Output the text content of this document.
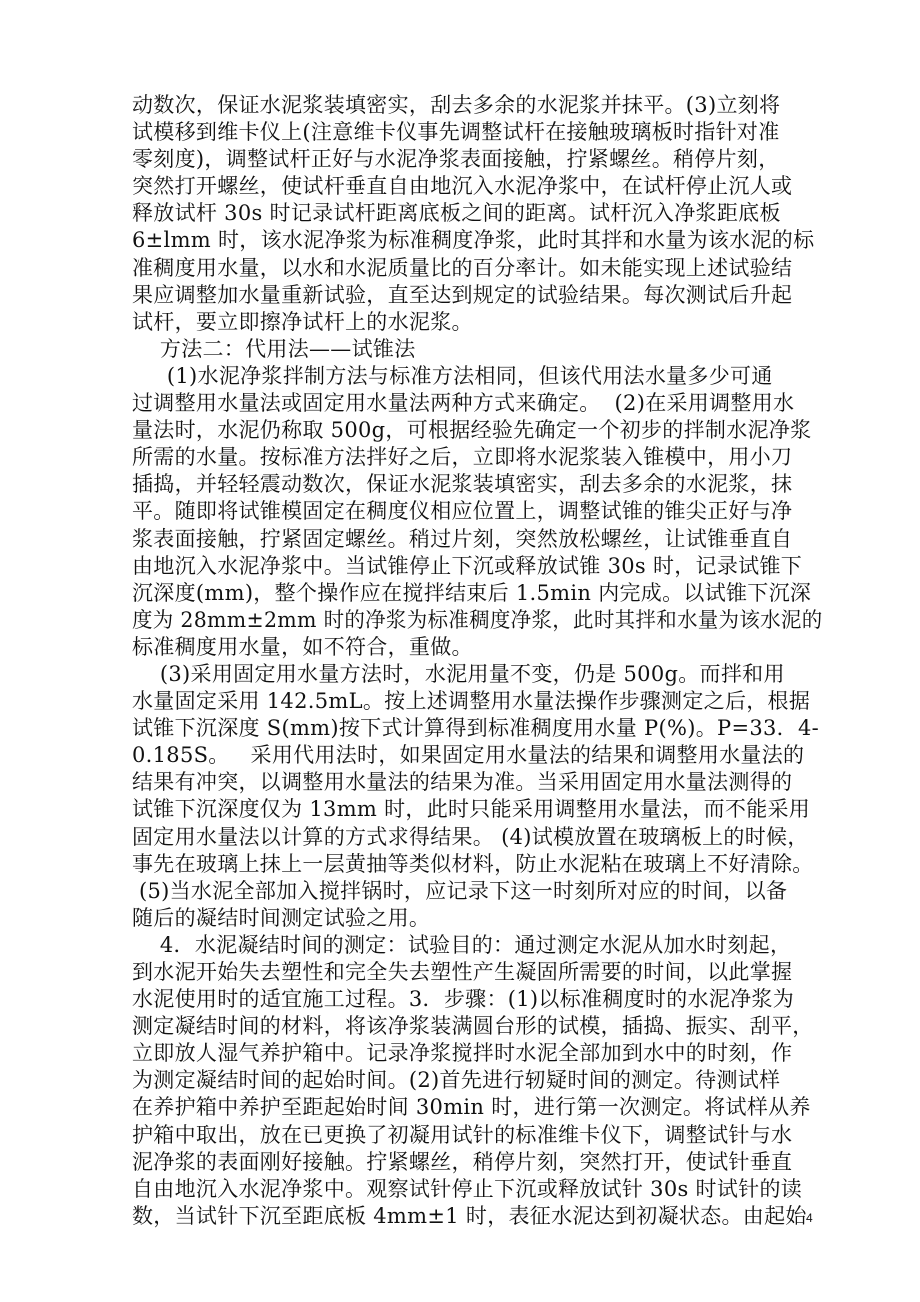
动数次，保证水泥浆装填密实，刮去多余的水泥浆并抹平。(3)立刻将
试模移到维卡仪上(注意维卡仪事先调整试杆在接触玻璃板时指针对准
零刻度)，调整试杆正好与水泥净浆表面接触，拧紧螺丝。稍停片刻，
突然打开螺丝，使试杆垂直自由地沉入水泥净浆中，在试杆停止沉人或
释放试杆 30s 时记录试杆距离底板之间的距离。试杆沉入净浆距底板
6±lmm 时，该水泥净浆为标准稠度净浆，此时其拌和水量为该水泥的标
准稠度用水量，以水和水泥质量比的百分率计。如未能实现上述试验结
果应调整加水量重新试验，直至达到规定的试验结果。每次测试后升起
试杆，要立即擦净试杆上的水泥浆。
方法二：代用法——试锥法
(1)水泥净浆拌制方法与标准方法相同，但该代用法水量多少可通
过调整用水量法或固定用水量法两种方式来确定。  (2)在采用调整用水
量法时，水泥仍称取 500g，可根据经验先确定一个初步的拌制水泥净浆
所需的水量。按标准方法拌好之后，立即将水泥浆装入锥模中，用小刀
插捣，并轻轻震动数次，保证水泥浆装填密实，刮去多余的水泥浆，抹
平。随即将试锥模固定在稠度仪相应位置上，调整试锥的锥尖正好与净
浆表面接触，拧紧固定螺丝。稍过片刻，突然放松螺丝，让试锥垂直自
由地沉入水泥净浆中。当试锥停止下沉或释放试锥 30s 时，记录试锥下
沉深度(mm)，整个操作应在搅拌结束后 1.5min 内完成。以试锥下沉深
度为 28mm±2mm 时的净浆为标准稠度净浆，此时其拌和水量为该水泥的
标准稠度用水量，如不符合，重做。
(3)采用固定用水量方法时，水泥用量不变，仍是 500g。而拌和用
水量固定采用 142.5mL。按上述调整用水量法操作步骤测定之后，根据
试锥下沉深度 S(mm)按下式计算得到标准稠度用水量 P(%)。P=33．4-
0.185S。   采用代用法时，如果固定用水量法的结果和调整用水量法的
结果有冲突，以调整用水量法的结果为准。当采用固定用水量法测得的
试锥下沉深度仅为 13mm 时，此时只能采用调整用水量法，而不能采用
固定用水量法以计算的方式求得结果。 (4)试模放置在玻璃板上的时候，
事先在玻璃上抹上一层黄抽等类似材料，防止水泥粘在玻璃上不好清除。
(5)当水泥全部加入搅拌锅时，应记录下这一时刻所对应的时间，以备
随后的凝结时间测定试验之用。
4．水泥凝结时间的测定：试验目的：通过测定水泥从加水时刻起，
到水泥开始失去塑性和完全失去塑性产生凝固所需要的时间，以此掌握
水泥使用时的适宜施工过程。3．步骤：(1)以标准稠度时的水泥净浆为
测定凝结时间的材料，将该净浆装满圆台形的试模，插捣、振实、刮平，
立即放人湿气养护箱中。记录净浆搅拌时水泥全部加到水中的时刻，作
为测定凝结时间的起始时间。(2)首先进行轫疑时间的测定。待测试样
在养护箱中养护至距起始时间 30min 时，进行第一次测定。将试样从养
护箱中取出，放在已更换了初凝用试针的标准维卡仪下，调整试针与水
泥净浆的表面刚好接触。拧紧螺丝，稍停片刻，突然打开，使试针垂直
自由地沉入水泥净浆中。观察试针停止下沉或释放试针 30s 时试针的读
数，当试针下沉至距底板 4mm±1 时，表征水泥达到初凝状态。由起始 4
